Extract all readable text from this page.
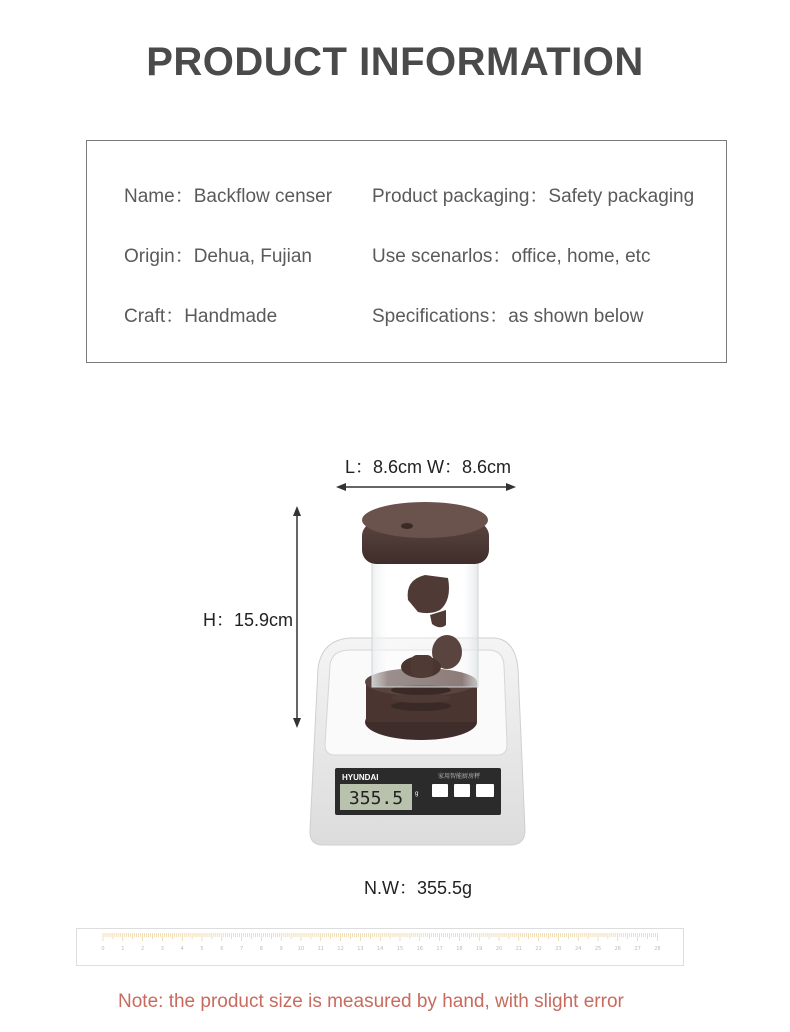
PRODUCT INFORMATION
Name：Backflow censer
Origin：Dehua, Fujian
Craft：Handmade
Product packaging：Safety packaging
Use scenarlos：office, home, etc
Specifications：as shown below
L：8.6cm W：8.6cm
H：15.9cm
N.W：355.5g
HYUNDAI	家用智能厨房秤
355.5 g
0	1	2	3	4	5	6	7	8	9	10	11	12	13	14	15	16	17	18	19	20	21	22	23	24	25	26	27	28
Note: the product size is measured by hand, with slight error
